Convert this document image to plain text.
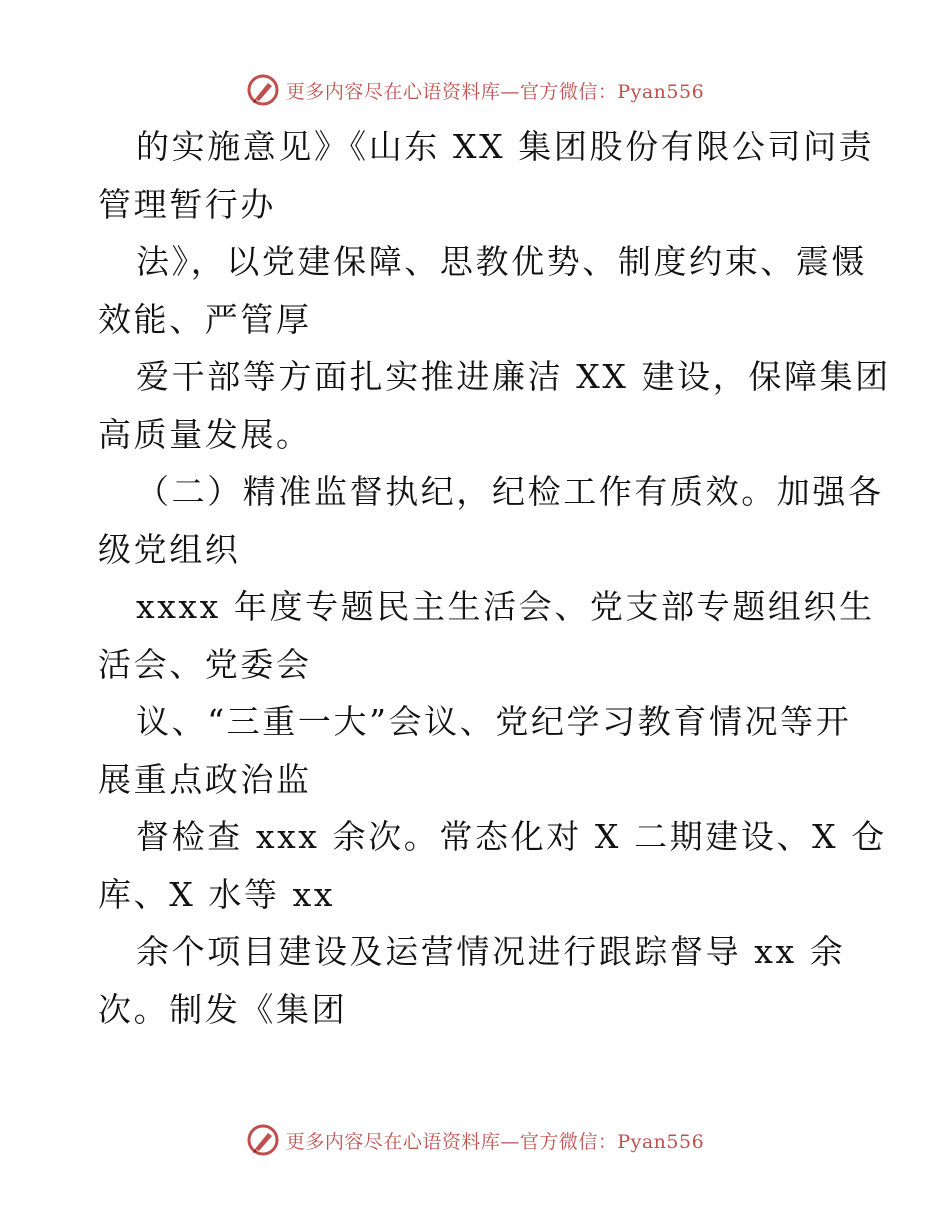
更多内容尽在心语资料库—官方微信：Pyan556
的实施意见》《山东 XX 集团股份有限公司问责
管理暂行办
法》，以党建保障、思教优势、制度约束、震慑
效能、严管厚
爱干部等方面扎实推进廉洁 XX 建设，保障集团
高质量发展。
（二）精准监督执纪，纪检工作有质效。加强各
级党组织
xxxx 年度专题民主生活会、党支部专题组织生
活会、党委会
议、“三重一大”会议、党纪学习教育情况等开
展重点政治监
督检查 xxx 余次。常态化对 X 二期建设、X 仓
库、X 水等 xx
余个项目建设及运营情况进行跟踪督导 xx 余
次。制发《集团
更多内容尽在心语资料库—官方微信：Pyan556
